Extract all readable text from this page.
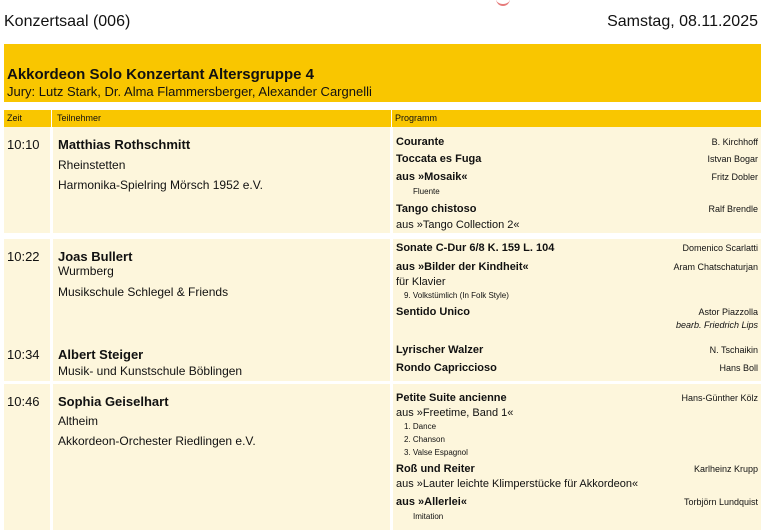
Konzertsaal (006)	Samstag, 08.11.2025
Akkordeon Solo Konzertant Altersgruppe 4
Jury: Lutz Stark, Dr. Alma Flammersberger, Alexander Cargnelli
Zeit	Teilnehmer	Programm
10:10 Matthias Rothschmitt
Rheinstetten
Harmonika-Spielring Mörsch 1952 e.V.
Courante	B. Kirchhoff
Toccata es Fuga	Istvan Bogar
aus »Mosaik«	Fritz Dobler
Fluente
Tango chistoso	Ralf Brendle
aus »Tango Collection 2«
10:22 Joas Bullert
Wurmberg
Musikschule Schlegel & Friends
Sonate C-Dur 6/8 K. 159 L. 104	Domenico Scarlatti
aus »Bilder der Kindheit«	Aram Chatschaturjan
für Klavier
9. Volkstümlich (In Folk Style)
Sentido Unico	Astor Piazzolla
bearb. Friedrich Lips
10:34 Albert Steiger
Musik- und Kunstschule Böblingen
Lyrischer Walzer	N. Tschaikin
Rondo Capriccioso	Hans Boll
10:46 Sophia Geiselhart
Altheim
Akkordeon-Orchester Riedlingen e.V.
Petite Suite ancienne	Hans-Günther Kölz
aus »Freetime, Band 1«
1. Dance
2. Chanson
3. Valse Espagnol
Roß und Reiter	Karlheinz Krupp
aus »Lauter leichte Klimperstücke für Akkordeon«
aus »Allerlei«	Torbjörn Lundquist
Imitation
